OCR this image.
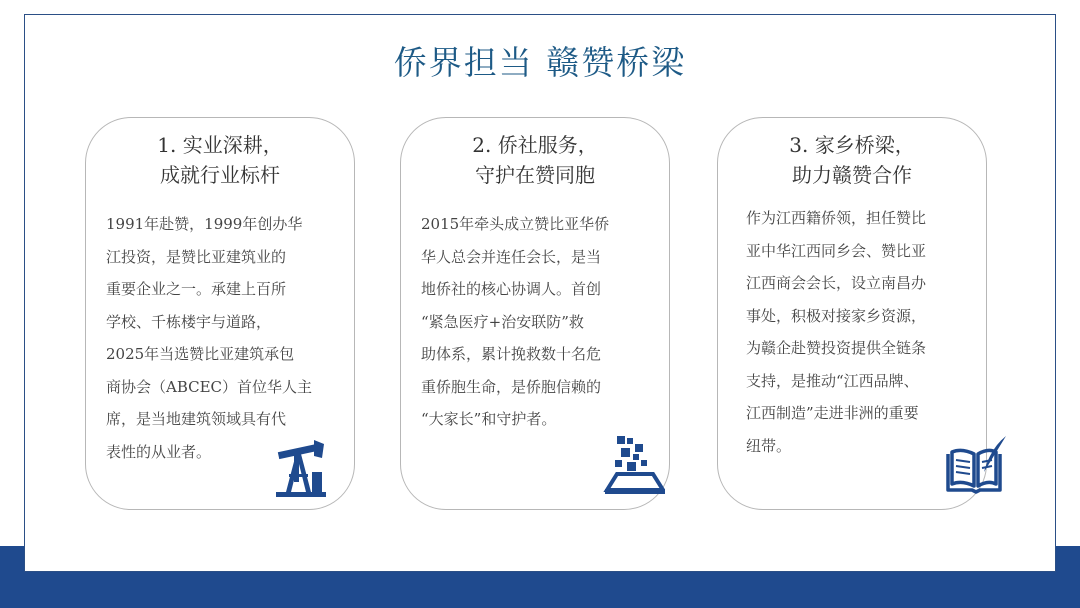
侨界担当 赣赞桥梁
1. 实业深耕，
成就行业标杆
1991年赴赞，1999年创办华
江投资，是赞比亚建筑业的
重要企业之一。承建上百所
学校、千栋楼宇与道路，
2025年当选赞比亚建筑承包
商协会（ABCEC）首位华人主
席，是当地建筑领域具有代
表性的从业者。
2. 侨社服务，
守护在赞同胞
2015年牵头成立赞比亚华侨
华人总会并连任会长，是当
地侨社的核心协调人。首创
“紧急医疗+治安联防”救
助体系，累计挽救数十名危
重侨胞生命，是侨胞信赖的
“大家长”和守护者。
3. 家乡桥梁，
助力赣赞合作
作为江西籍侨领，担任赞比
亚中华江西同乡会、赞比亚
江西商会会长，设立南昌办
事处，积极对接家乡资源，
为赣企赴赞投资提供全链条
支持，是推动“江西品牌、
江西制造”走进非洲的重要
纽带。
